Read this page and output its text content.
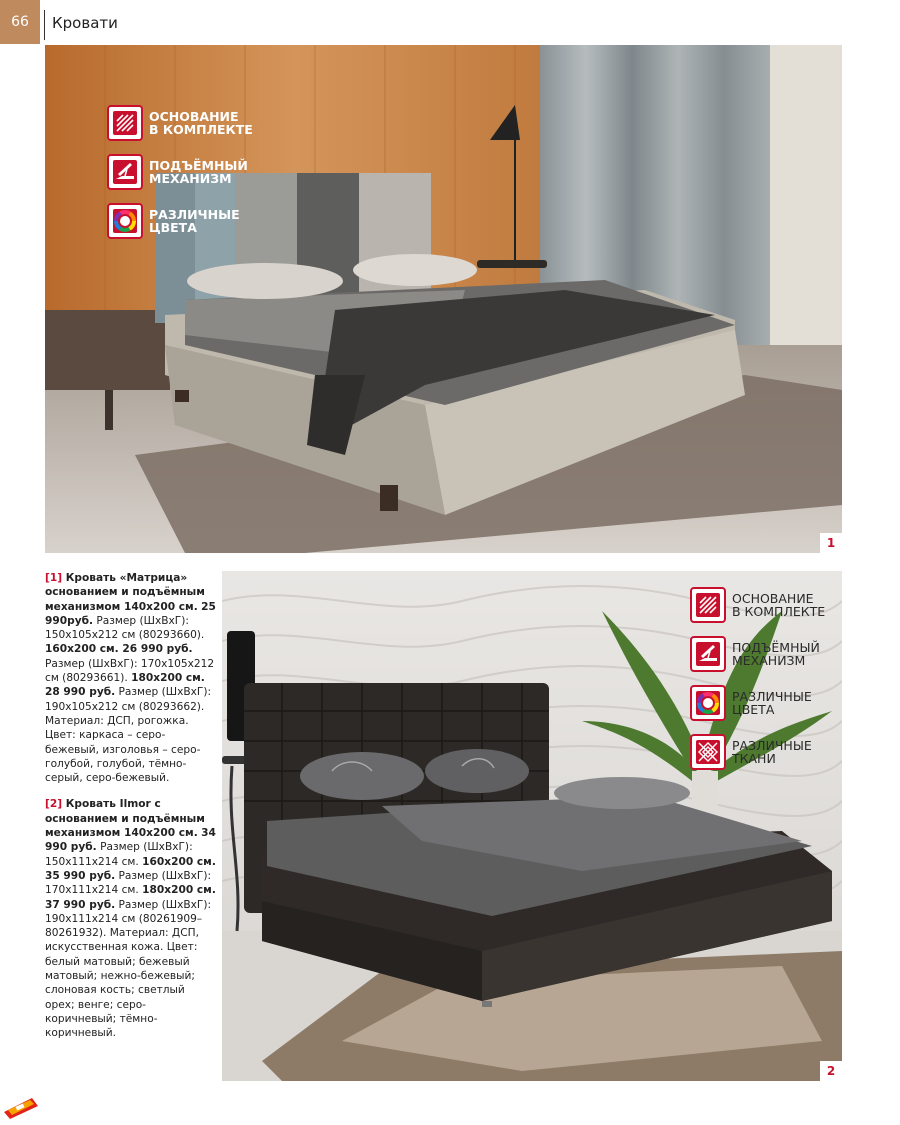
66	Кровати
ОСНОВАНИЕ
В КОМПЛЕКТЕ
ПОДЪЁМНЫЙ
МЕХАНИЗМ
РАЗЛИЧНЫЕ
ЦВЕТА
1

[1] Кровать «Матрица» основанием и подъёмным механизмом 140x200 см. 25 990руб. Размер (ШхВхГ): 150x105x212 см (80293660). 160x200 см. 26 990 руб. Размер (ШхВхГ): 170x105x212 см (80293661). 180x200 см. 28 990 руб. Размер (ШхВхГ): 190x105x212 см (80293662). Материал: ДСП, рогожка. Цвет: каркаса – серо-бежевый, изголовья – серо-голубой, голубой, тёмно-серый, серо-бежевый.

[2] Кровать Ilmor с основанием и подъёмным механизмом 140x200 см. 34 990 руб. Размер (ШхВхГ): 150x111x214 см. 160x200 см. 35 990 руб. Размер (ШхВхГ): 170x111x214 см. 180x200 см. 37 990 руб. Размер (ШхВхГ): 190x111x214 см (80261909–80261932). Материал: ДСП, искусственная кожа. Цвет: белый матовый; бежевый матовый; нежно-бежевый; слоновая кость; светлый орех; венге; серо-коричневый; тёмно-коричневый.

2
ОСНОВАНИЕ
В КОМПЛЕКТЕ
ПОДЪЁМНЫЙ
МЕХАНИЗМ
РАЗЛИЧНЫЕ
ЦВЕТА
РАЗЛИЧНЫЕ
ТКАНИ
